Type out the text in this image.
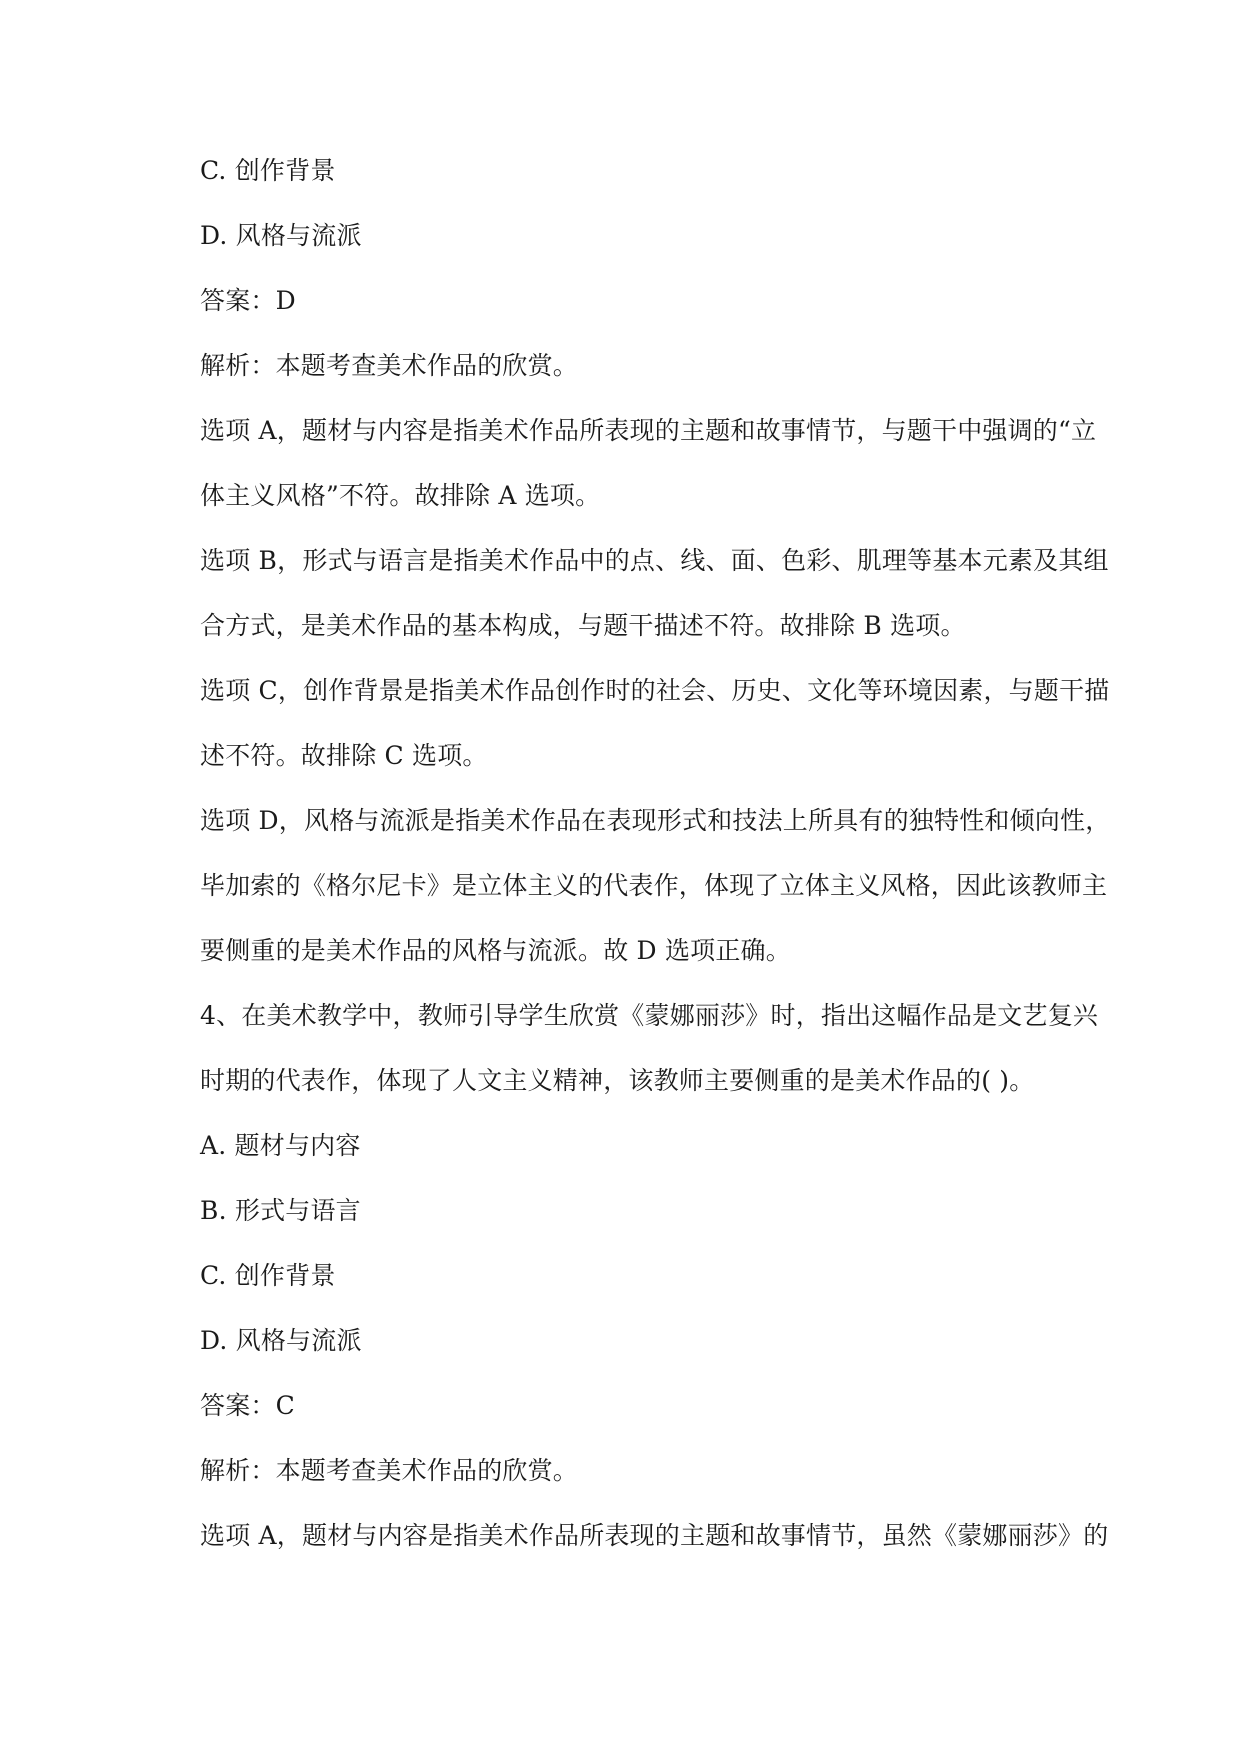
C. 创作背景
D. 风格与流派
答案：D
解析：本题考查美术作品的欣赏。
选项 A，题材与内容是指美术作品所表现的主题和故事情节，与题干中强调的“立
体主义风格”不符。故排除 A 选项。
选项 B，形式与语言是指美术作品中的点、线、面、色彩、肌理等基本元素及其组
合方式，是美术作品的基本构成，与题干描述不符。故排除 B 选项。
选项 C，创作背景是指美术作品创作时的社会、历史、文化等环境因素，与题干描
述不符。故排除 C 选项。
选项 D，风格与流派是指美术作品在表现形式和技法上所具有的独特性和倾向性，
毕加索的《格尔尼卡》是立体主义的代表作，体现了立体主义风格，因此该教师主
要侧重的是美术作品的风格与流派。故 D 选项正确。
4、在美术教学中，教师引导学生欣赏《蒙娜丽莎》时，指出这幅作品是文艺复兴
时期的代表作，体现了人文主义精神，该教师主要侧重的是美术作品的( )。
A. 题材与内容
B. 形式与语言
C. 创作背景
D. 风格与流派
答案：C
解析：本题考查美术作品的欣赏。
选项 A，题材与内容是指美术作品所表现的主题和故事情节，虽然《蒙娜丽莎》的
